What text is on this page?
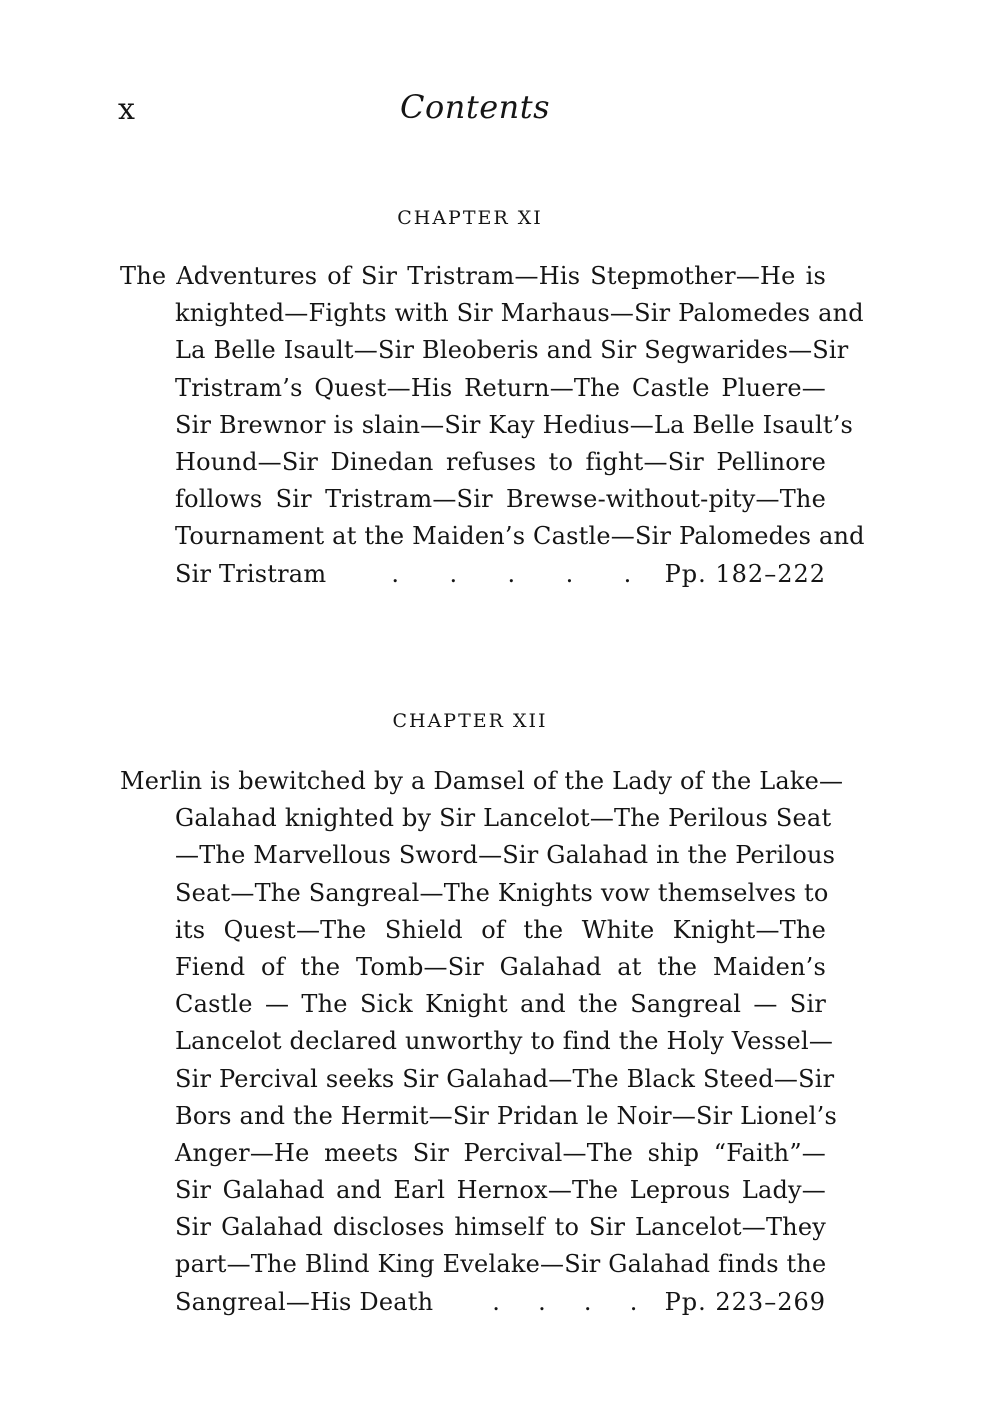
x	Contents
CHAPTER XI
The Adventures of Sir Tristram—His Stepmother—He is
knighted—Fights with Sir Marhaus—Sir Palomedes and
La Belle Isault—Sir Bleoberis and Sir Segwarides—Sir
Tristram’s Quest—His Return—The Castle Pluere—
Sir Brewnor is slain—Sir Kay Hedius—La Belle Isault’s
Hound—Sir Dinedan refuses to fight—Sir Pellinore
follows Sir Tristram—Sir Brewse-without-pity—The
Tournament at the Maiden’s Castle—Sir Palomedes and
Sir Tristram	. . . . . Pp. 182–222
CHAPTER XII
Merlin is bewitched by a Damsel of the Lady of the Lake—
Galahad knighted by Sir Lancelot—The Perilous Seat
—The Marvellous Sword—Sir Galahad in the Perilous
Seat—The Sangreal—The Knights vow themselves to
its Quest—The Shield of the White Knight—The
Fiend of the Tomb—Sir Galahad at the Maiden’s
Castle — The Sick Knight and the Sangreal — Sir
Lancelot declared unworthy to find the Holy Vessel—
Sir Percival seeks Sir Galahad—The Black Steed—Sir
Bors and the Hermit—Sir Pridan le Noir—Sir Lionel’s
Anger—He meets Sir Percival—The ship “Faith”—
Sir Galahad and Earl Hernox—The Leprous Lady—
Sir Galahad discloses himself to Sir Lancelot—They
part—The Blind King Evelake—Sir Galahad finds the
Sangreal—His Death . . . . Pp. 223–269
